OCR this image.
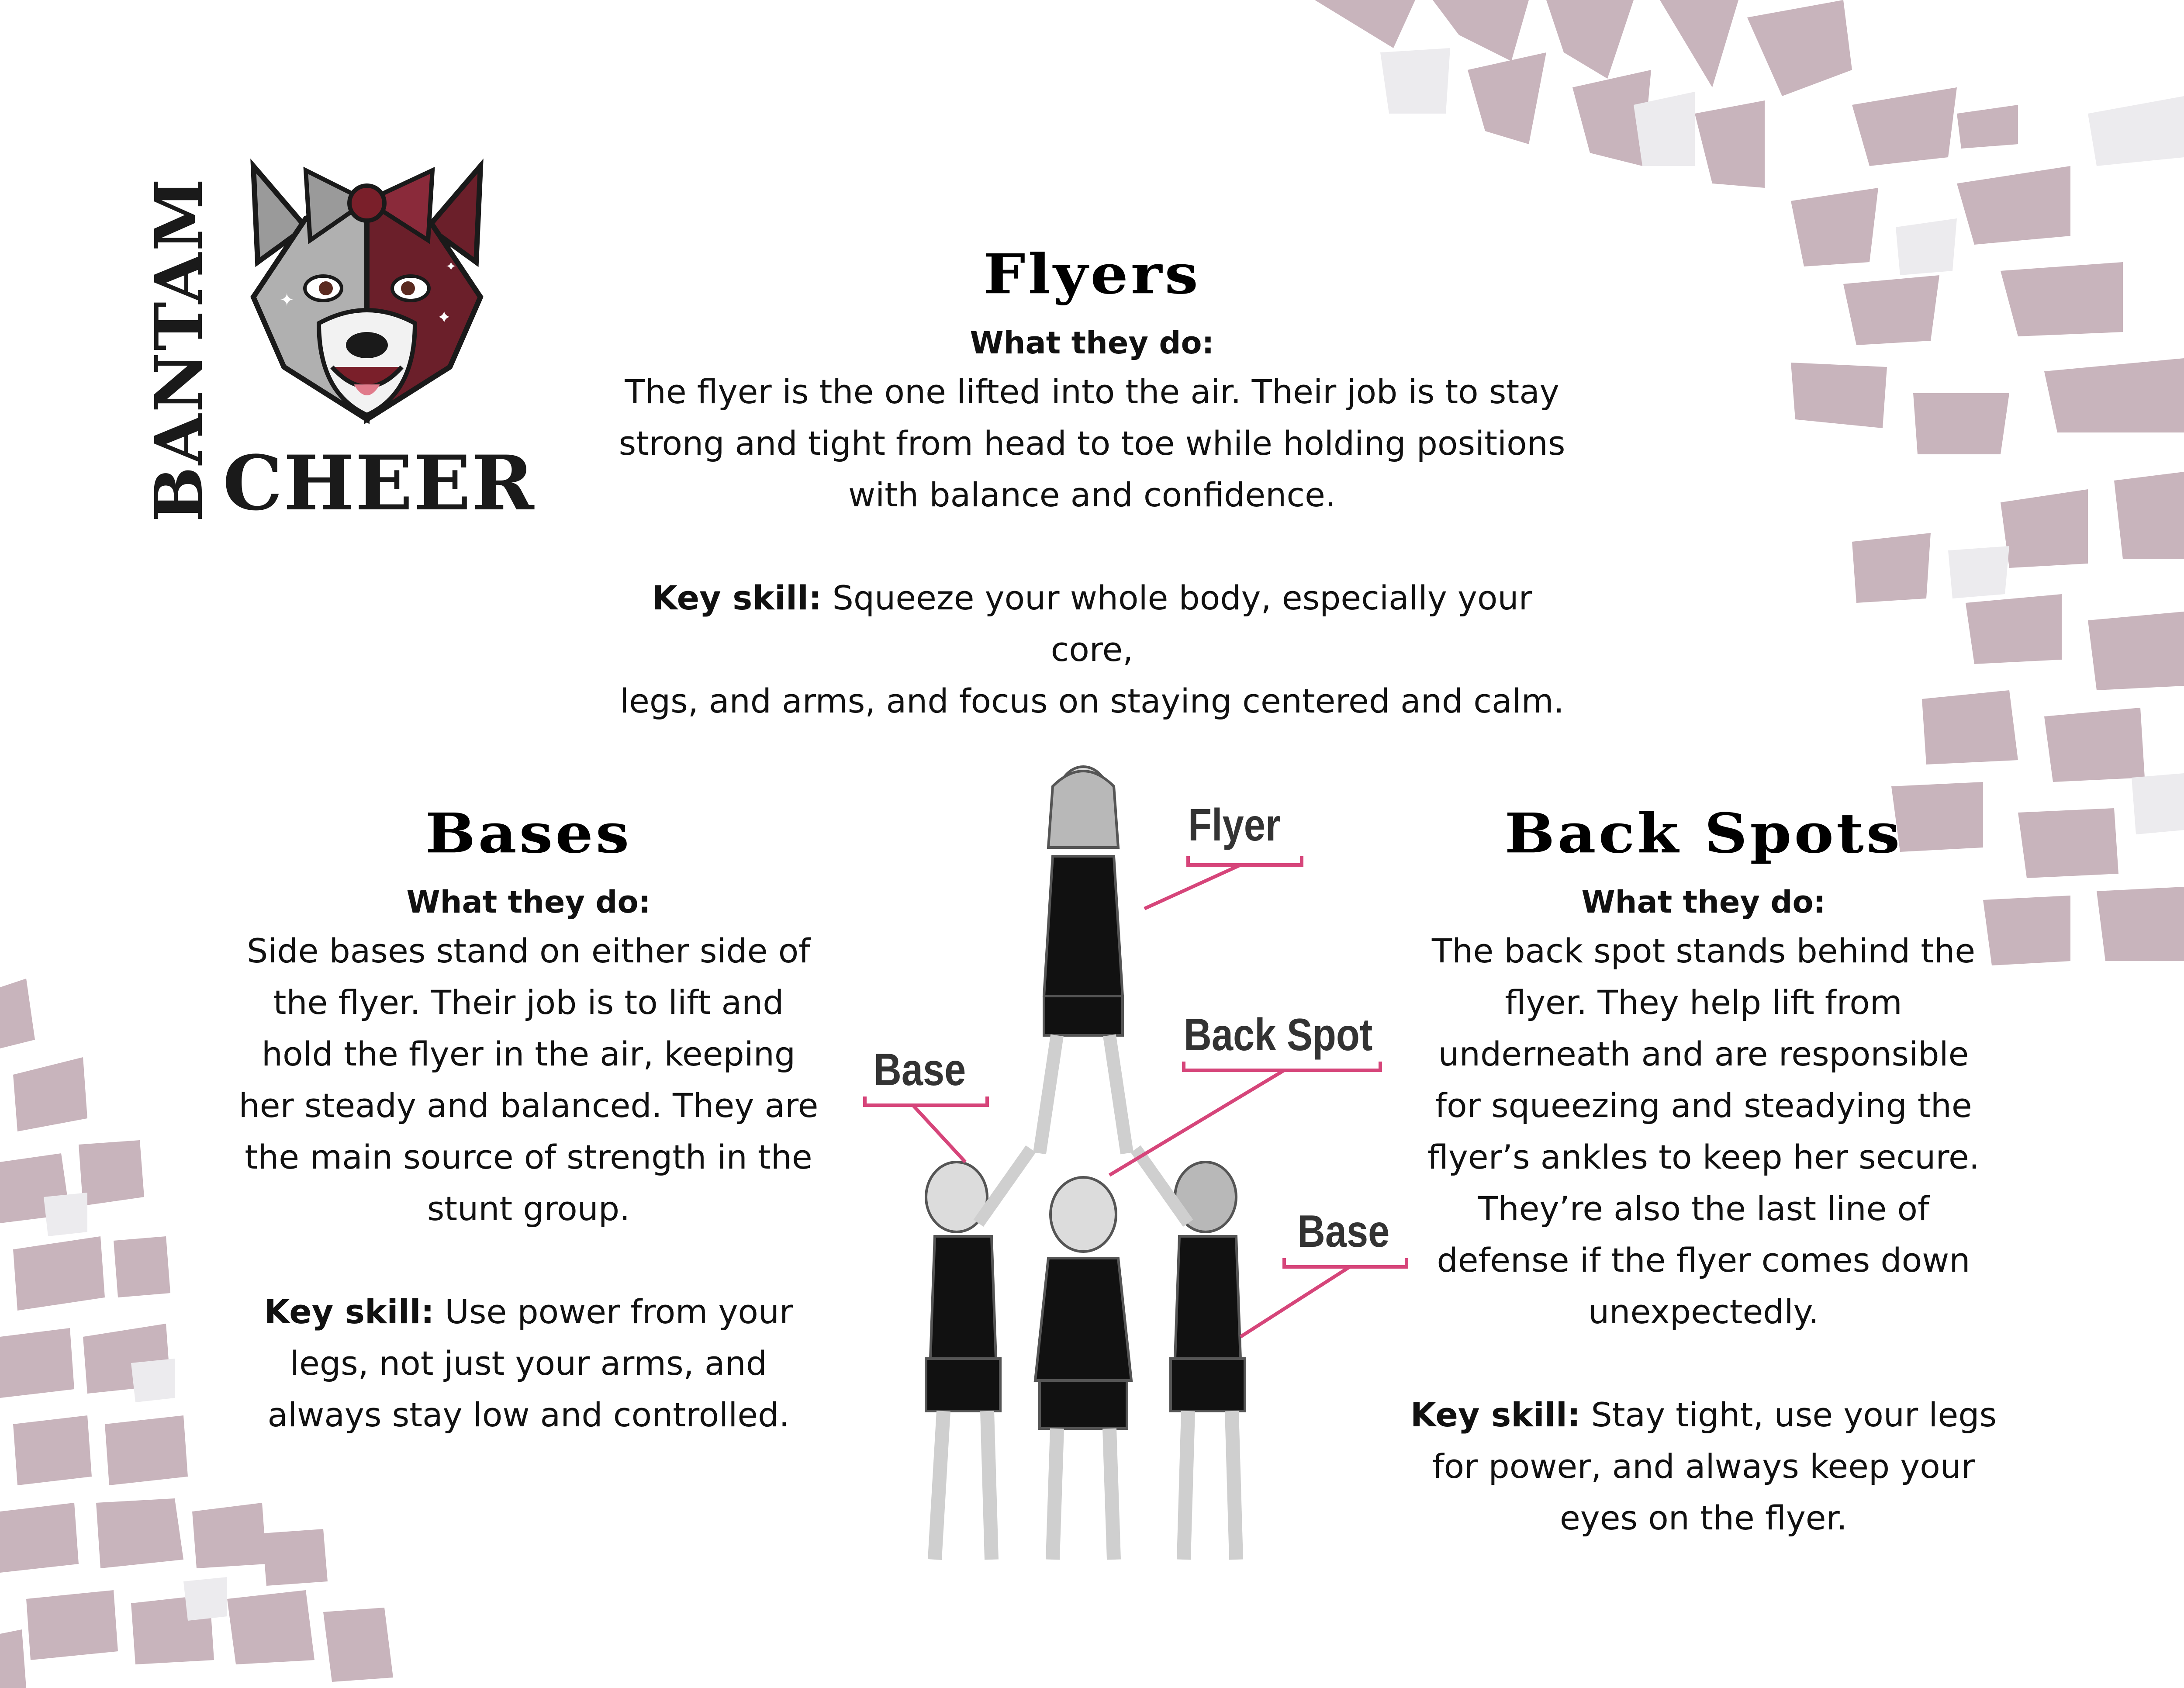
BANTAM	✦
✦
✦
CHEER
Flyers
What they do:
The flyer is the one lifted into the air. Their job is to stay
strong and tight from head to toe while holding positions
with balance and confidence.
Key skill: Squeeze your whole body, especially your core,
legs, and arms, and focus on staying centered and calm.
Bases
What they do:
Side bases stand on either side of
the flyer. Their job is to lift and
hold the flyer in the air, keeping
her steady and balanced. They are
the main source of strength in the
stunt group.
Key skill: Use power from your
legs, not just your arms, and
always stay low and controlled.
Back Spots
What they do:
The back spot stands behind the
flyer. They help lift from
underneath and are responsible
for squeezing and steadying the
flyer’s ankles to keep her secure.
They’re also the last line of
defense if the flyer comes down
unexpectedly.
Key skill: Stay tight, use your legs
for power, and always keep your
eyes on the flyer.
Flyer
Back Spot
Base
Base
